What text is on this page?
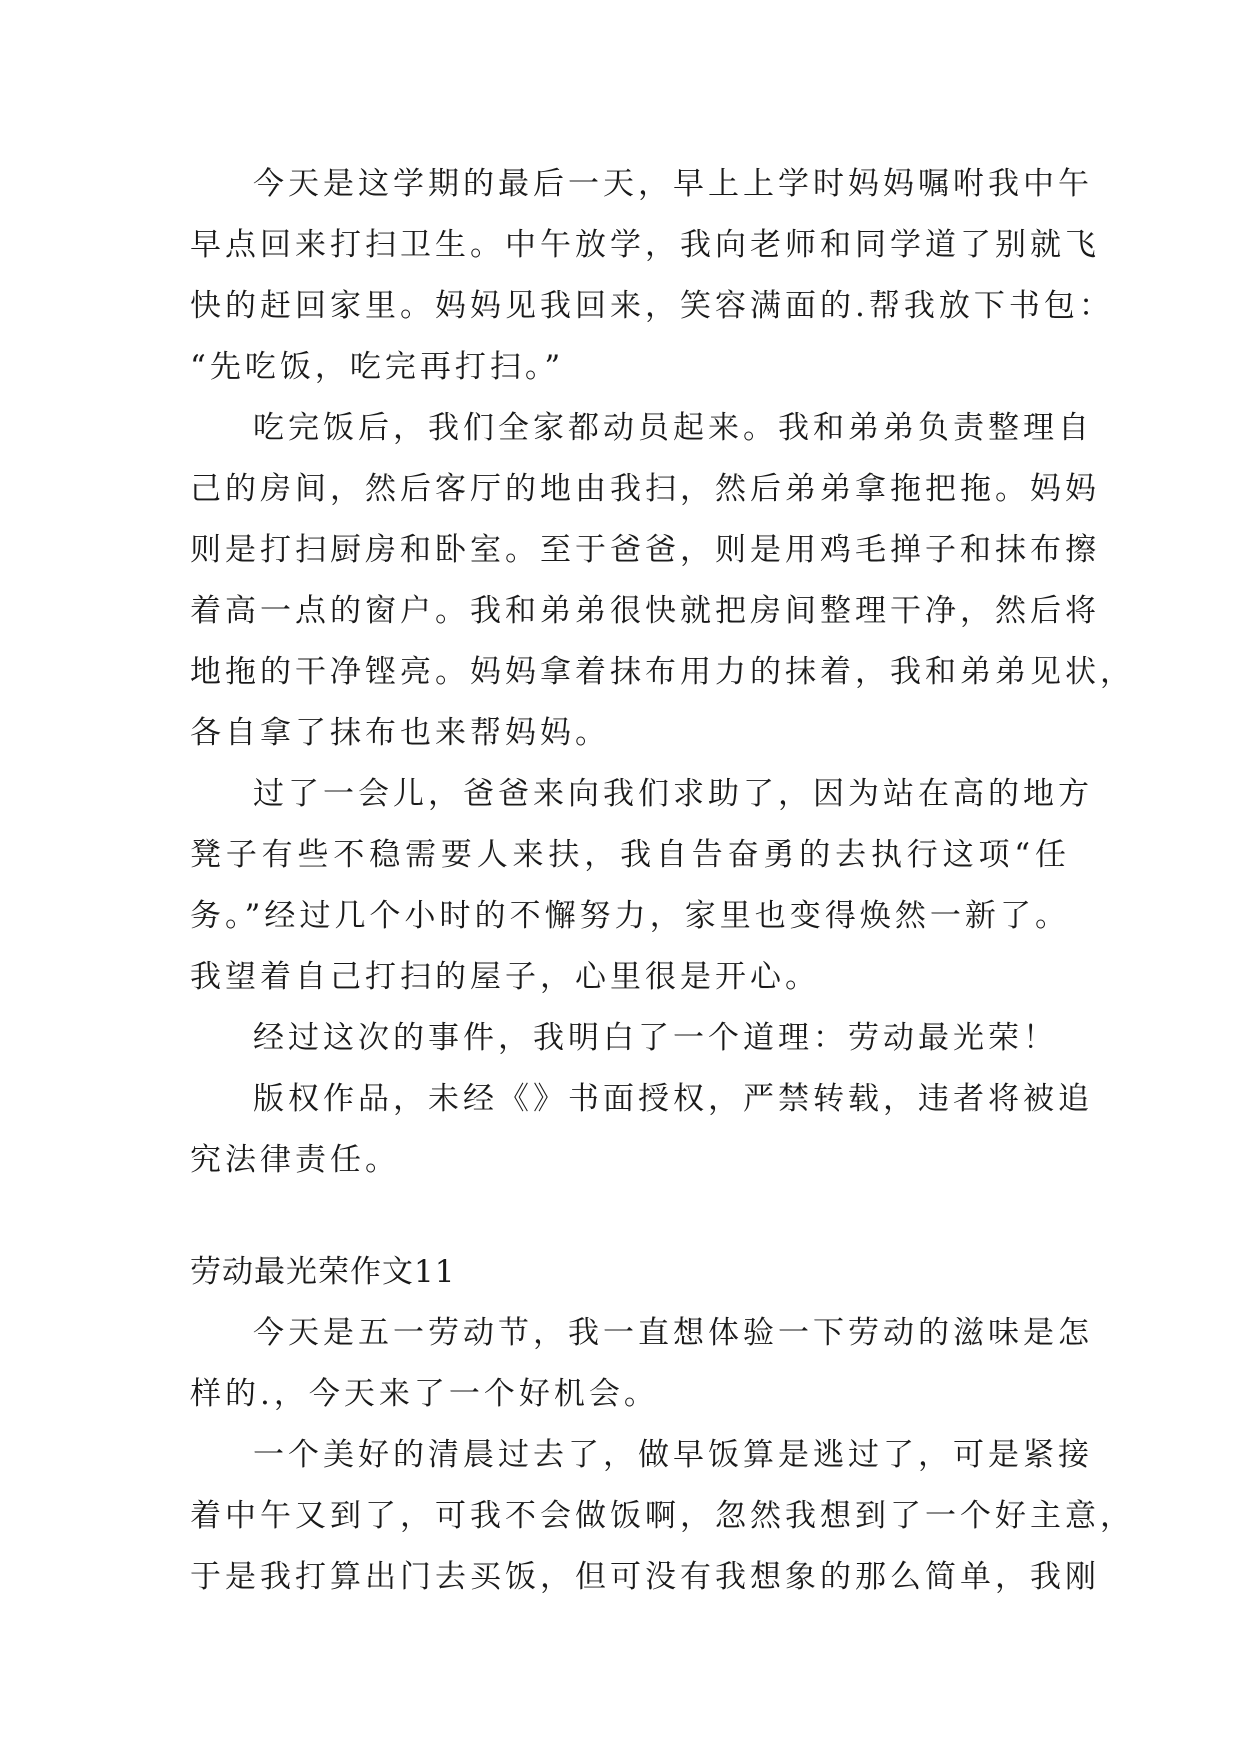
今天是这学期的最后一天，早上上学时妈妈嘱咐我中午
早点回来打扫卫生。中午放学，我向老师和同学道了别就飞
快的赶回家里。妈妈见我回来，笑容满面的.帮我放下书包：
“先吃饭，吃完再打扫。”
吃完饭后，我们全家都动员起来。我和弟弟负责整理自
己的房间，然后客厅的地由我扫，然后弟弟拿拖把拖。妈妈
则是打扫厨房和卧室。至于爸爸，则是用鸡毛掸子和抹布擦
着高一点的窗户。我和弟弟很快就把房间整理干净，然后将
地拖的干净铿亮。妈妈拿着抹布用力的抹着，我和弟弟见状，
各自拿了抹布也来帮妈妈。
过了一会儿，爸爸来向我们求助了，因为站在高的地方
凳子有些不稳需要人来扶，我自告奋勇的去执行这项“任
务。”经过几个小时的不懈努力，家里也变得焕然一新了。
我望着自己打扫的屋子，心里很是开心。
经过这次的事件，我明白了一个道理：劳动最光荣！
版权作品，未经《》书面授权，严禁转载，违者将被追
究法律责任。
劳动最光荣作文11
今天是五一劳动节，我一直想体验一下劳动的滋味是怎
样的.，今天来了一个好机会。
一个美好的清晨过去了，做早饭算是逃过了，可是紧接
着中午又到了，可我不会做饭啊，忽然我想到了一个好主意，
于是我打算出门去买饭，但可没有我想象的那么简单，我刚
